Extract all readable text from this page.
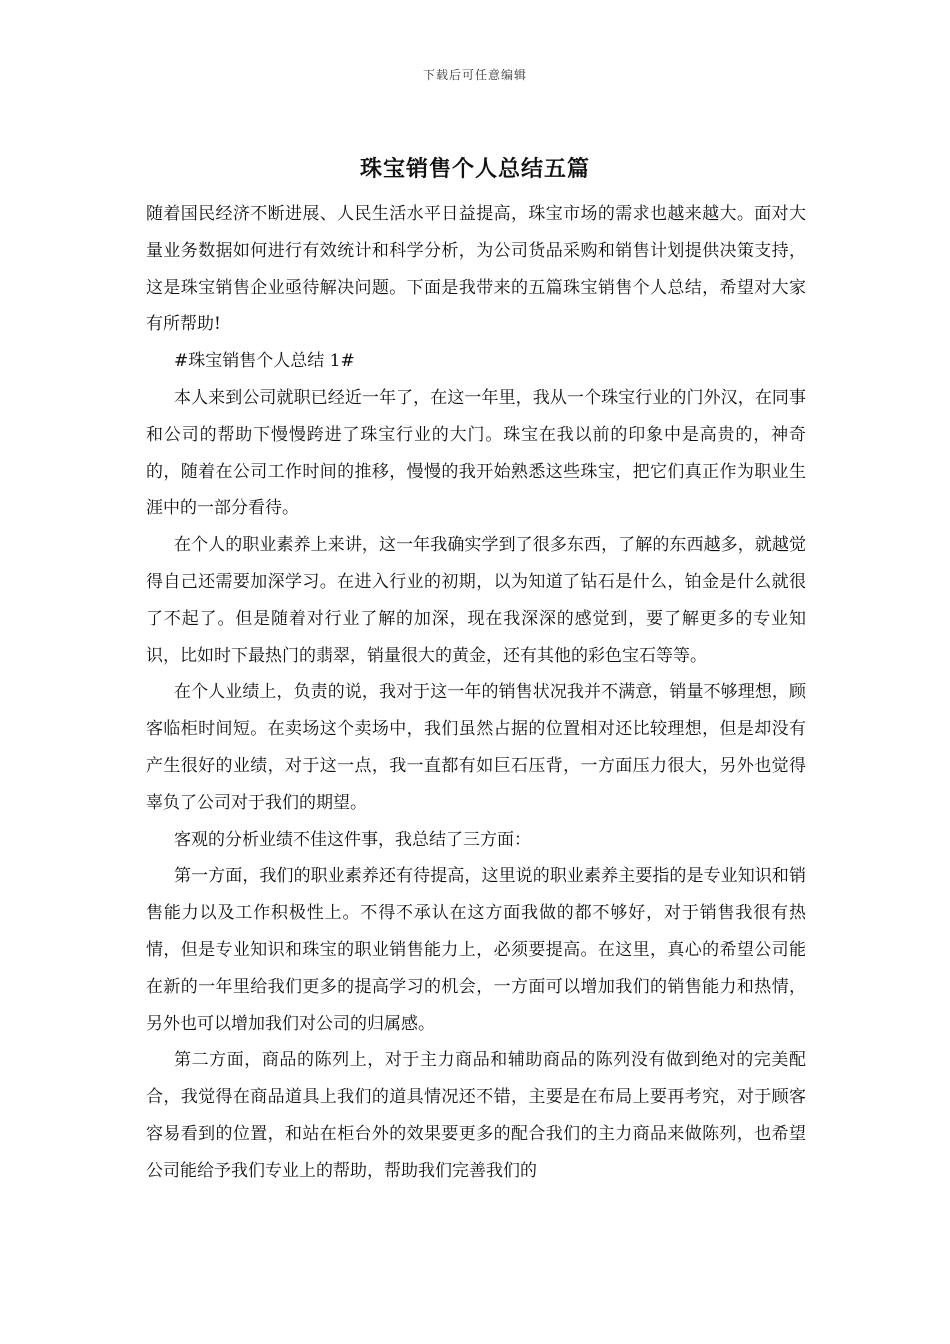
下载后可任意编辑
珠宝销售个人总结五篇

随着国民经济不断进展、人民生活水平日益提高，珠宝市场的需求也越来越大。面对大量业务数据如何进行有效统计和科学分析，为公司货品采购和销售计划提供决策支持，这是珠宝销售企业亟待解决问题。下面是我带来的五篇珠宝销售个人总结，希望对大家有所帮助!

#珠宝销售个人总结 1#

本人来到公司就职已经近一年了，在这一年里，我从一个珠宝行业的门外汉，在同事和公司的帮助下慢慢跨进了珠宝行业的大门。珠宝在我以前的印象中是高贵的，神奇的，随着在公司工作时间的推移，慢慢的我开始熟悉这些珠宝，把它们真正作为职业生涯中的一部分看待。

在个人的职业素养上来讲，这一年我确实学到了很多东西，了解的东西越多，就越觉得自己还需要加深学习。在进入行业的初期，以为知道了钻石是什么，铂金是什么就很了不起了。但是随着对行业了解的加深，现在我深深的感觉到，要了解更多的专业知识，比如时下最热门的翡翠，销量很大的黄金，还有其他的彩色宝石等等。

在个人业绩上，负责的说，我对于这一年的销售状况我并不满意，销量不够理想，顾客临柜时间短。在卖场这个卖场中，我们虽然占据的位置相对还比较理想，但是却没有产生很好的业绩，对于这一点，我一直都有如巨石压背，一方面压力很大，另外也觉得辜负了公司对于我们的期望。

客观的分析业绩不佳这件事，我总结了三方面：

第一方面，我们的职业素养还有待提高，这里说的职业素养主要指的是专业知识和销售能力以及工作积极性上。不得不承认在这方面我做的都不够好，对于销售我很有热情，但是专业知识和珠宝的职业销售能力上，必须要提高。在这里，真心的希望公司能在新的一年里给我们更多的提高学习的机会，一方面可以增加我们的销售能力和热情，另外也可以增加我们对公司的归属感。

第二方面，商品的陈列上，对于主力商品和辅助商品的陈列没有做到绝对的完美配合，我觉得在商品道具上我们的道具情况还不错，主要是在布局上要再考究，对于顾客容易看到的位置，和站在柜台外的效果要更多的配合我们的主力商品来做陈列，也希望公司能给予我们专业上的帮助，帮助我们完善我们的
